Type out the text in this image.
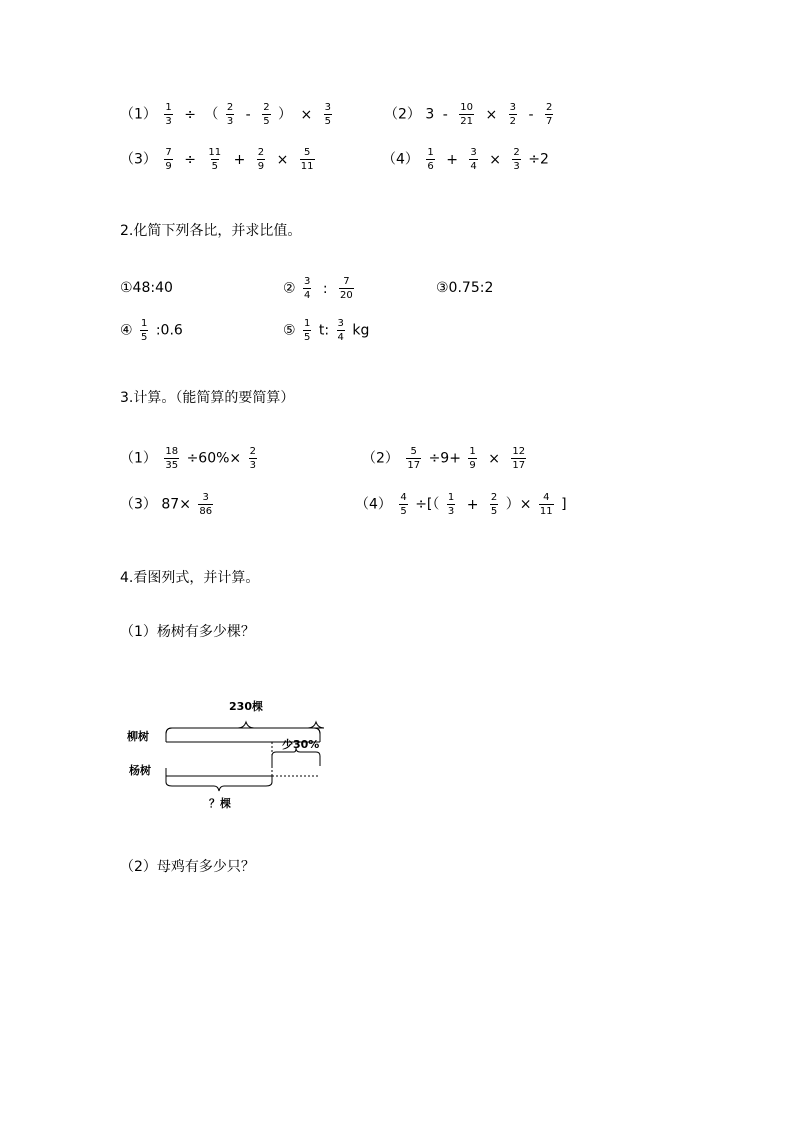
$(1) \frac{1}{3}$ ÷ （ $\frac{2}{3} - \frac{2}{5}$ ） × $\frac{3}{5}$	（2） $3 - \frac{10}{21} \times \frac{3}{2} - \frac{2}{7}$
$(3) \frac{7}{9} \div \frac{11}{5} + \frac{2}{9} \times \frac{5}{11}$	$(4) \frac{1}{6} + \frac{3}{4} \times \frac{2}{3} \div 2$
2.化简下列各比，并求比值。
①48:40	② $\frac{3}{4}$ : $\frac{7}{20}$	③0.75:2
④ $\frac{1}{5}$ :0.6	⑤ $\frac{1}{5} t$: $\frac{3}{4}$ kg
3.计算。（能简算的要简算）
$(1) \frac{18}{35} \div 60\%\times \frac{2}{3}$	$(2) \frac{5}{17} \div 9+ \frac{1}{9} \times \frac{12}{17}$
（3） $87\times \frac{3}{86}$	$(4) \frac{4}{5}$ ÷[（ $\frac{1}{3} + \frac{2}{5}$ ）× $\frac{4}{11}$ ]
4.看图列式，并计算。
（1）杨树有多少棵？
230棵
柳树
少30%
杨树
？棵
（2）母鸡有多少只？
